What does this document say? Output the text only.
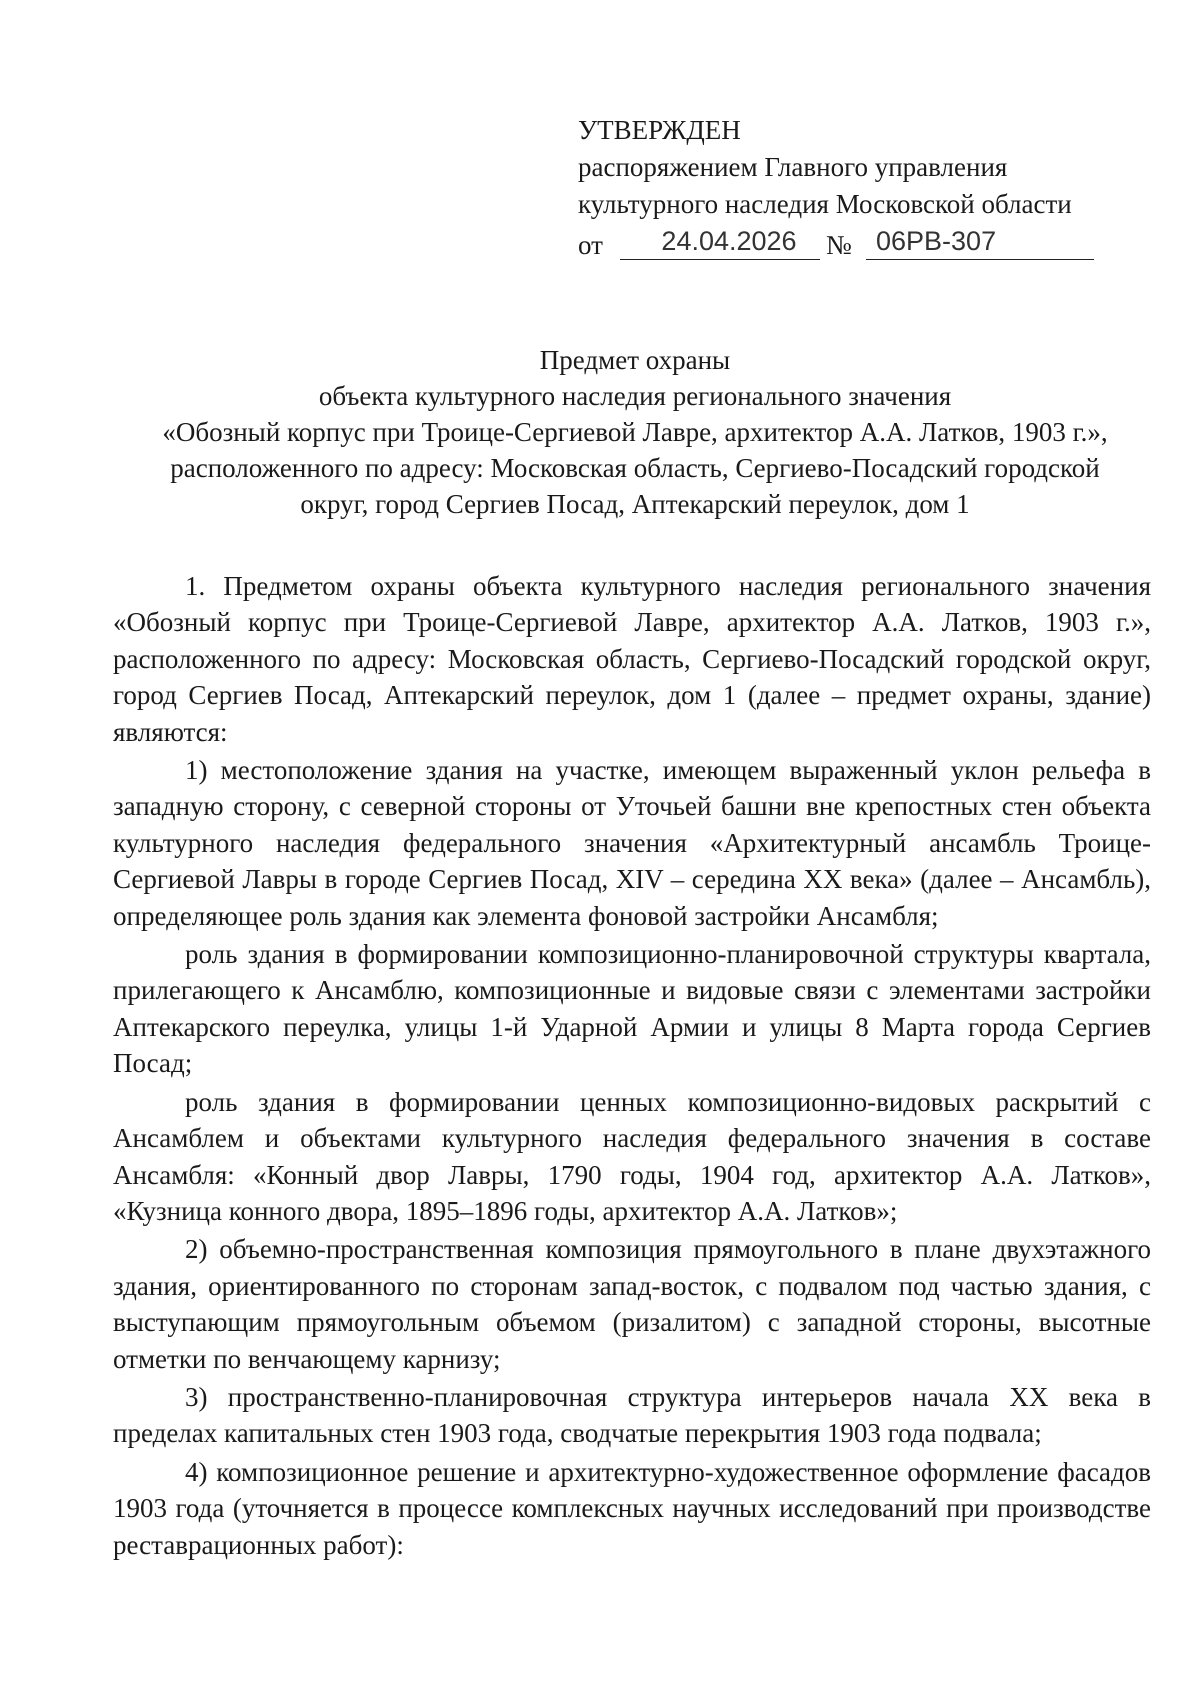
УТВЕРЖДЕН
распоряжением Главного управления
культурного наследия Московской области
от	24.04.2026	№ 06РВ-307
Предмет охраны
объекта культурного наследия регионального значения
«Обозный корпус при Троице-Сергиевой Лавре, архитектор А.А. Латков, 1903 г.»,
расположенного по адресу: Московская область, Сергиево-Посадский городской
округ, город Сергиев Посад, Аптекарский переулок, дом 1

1. Предметом охраны объекта культурного наследия регионального значения «Обозный корпус при Троице-Сергиевой Лавре, архитектор А.А. Латков, 1903 г.», расположенного по адресу: Московская область, Сергиево-Посадский городской округ, город Сергиев Посад, Аптекарский переулок, дом 1 (далее – предмет охраны, здание) являются:

1) местоположение здания на участке, имеющем выраженный уклон рельефа в западную сторону, с северной стороны от Уточьей башни вне крепостных стен объекта культурного наследия федерального значения «Архитектурный ансамбль Троице-Сергиевой Лавры в городе Сергиев Посад, XIV – середина XX века» (далее – Ансамбль), определяющее роль здания как элемента фоновой застройки Ансамбля;

роль здания в формировании композиционно-планировочной структуры квартала, прилегающего к Ансамблю, композиционные и видовые связи с элементами застройки Аптекарского переулка, улицы 1-й Ударной Армии и улицы 8 Марта города Сергиев Посад;

роль здания в формировании ценных композиционно-видовых раскрытий с Ансамблем и объектами культурного наследия федерального значения в составе Ансамбля: «Конный двор Лавры, 1790 годы, 1904 год, архитектор А.А. Латков», «Кузница конного двора, 1895–1896 годы, архитектор А.А. Латков»;

2) объемно-пространственная композиция прямоугольного в плане двухэтажного здания, ориентированного по сторонам запад-восток, с подвалом под частью здания, с выступающим прямоугольным объемом (ризалитом) с западной стороны, высотные отметки по венчающему карнизу;

3) пространственно-планировочная структура интерьеров начала XX века в пределах капитальных стен 1903 года, сводчатые перекрытия 1903 года подвала;

4) композиционное решение и архитектурно-художественное оформление фасадов 1903 года (уточняется в процессе комплексных научных исследований при производстве реставрационных работ):
